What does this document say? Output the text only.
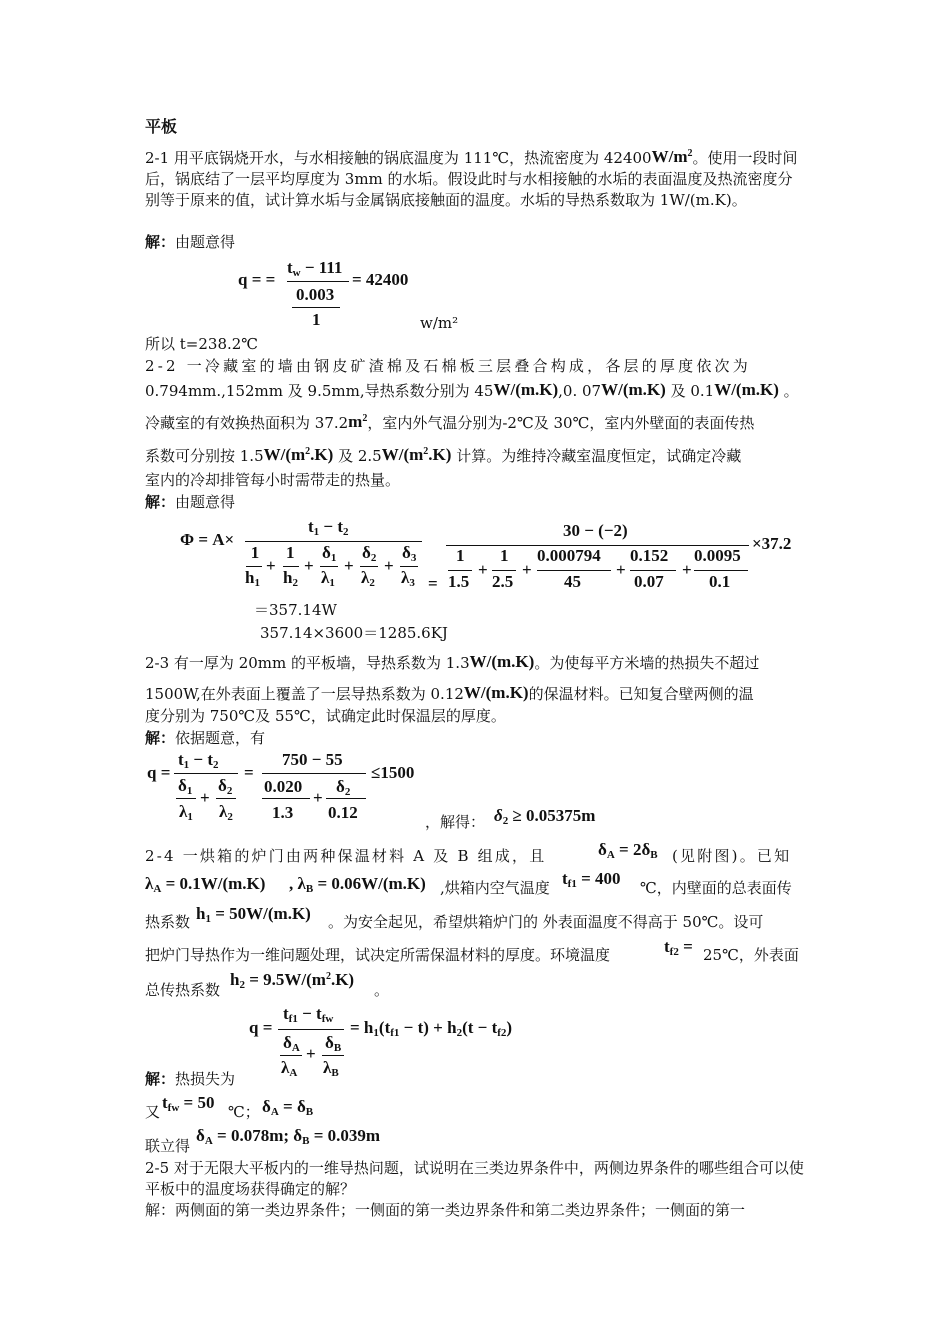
平板
2-1 用平底锅烧开水，与水相接触的锅底温度为 111℃，热流密度为 $42400W/m^2$。使用一段时间后，锅底结了一层平均厚度为 3mm 的水垢。假设此时与水相接触的水垢的表面温度及热流密度分别等于原来的值，试计算水垢与金属锅底接触面的温度。水垢的导热系数取为 1W/(m.K)。
解：由题意得
q = =
$t_w - 111$
0.003
1
= 42400
w/m²
所以 t=238.2℃
2-2 一冷藏室的墙由钢皮矿渣棉及石棉板三层叠合构成，各层的厚度依次为
0.794mm.,152mm 及 9.5mm,导热系数分别为 45W/(m.K),0. 07W/(m.K) 及 0.1W/(m.K) 。
冷藏室的有效换热面积为 $37.2m^2$，室内外气温分别为-2℃及 30℃，室内外壁面的表面传热
系数可分别按 $1.5W/(m^2.K)$ 及 $2.5W/(m^2.K)$ 计算。为维持冷藏室温度恒定，试确定冷藏
室内的冷却排管每小时需带走的热量。
解：由题意得
Φ = A×
$t_1 - t_2$
1
$h_1$
+
1
$h_2$
+
$\delta_1$
$\lambda_1$
+
$\delta_2$
$\lambda_2$
+
$\delta_3$
$\lambda_3$ =
30 − (−2)
1
1.5
+
1
2.5
+
0.000794
45
+
0.152
0.07
+
0.0095
0.1
×37.2
＝357.14W
357.14×3600＝1285.6KJ
2-3 有一厚为 20mm 的平板墙，导热系数为 1.3W/(m.K)。为使每平方米墙的热损失不超过
1500W,在外表面上覆盖了一层导热系数为 0.12W/(m.K)的保温材料。已知复合壁两侧的温
度分别为 750℃及 55℃，试确定此时保温层的厚度。
解：依据题意，有
q =
$t_1 - t_2$
$\delta_1$
$\lambda_1$
+
$\delta_2$
$\lambda_2$
=
750 − 55
0.020
1.3
+
$\delta_2$
0.12
≤1500
，解得： $\delta_2 \ge 0.05375m$
2-4 一烘箱的炉门由两种保温材料 A 及 B 组成，且	$\delta_A = 2\delta_B$ (见附图)。已知
$\lambda_A = 0.1W/(m.K)$ , $\lambda_B = 0.06W/(m.K)$ ,烘箱内空气温度 $t_{f1} = 400$ ℃，内壁面的总表面传
热系数 $h_1 = 50W/(m.K)$ 。为安全起见，希望烘箱炉门的 外表面温度不得高于 50℃。设可
把炉门导热作为一维问题处理，试决定所需保温材料的厚度。环境温度	$t_{f2}$ = 25℃，外表面
总传热系数
$h_2 = 9.5W/(m^2.K)$
。
q =
$t_{f1} - t_{fw}$
$\delta_A$
$\lambda_A$
+
$\delta_B$
$\lambda_B$
= $h_1(t_{f1} - t) + h_2(t - t_{f2})$
解：热损失为
又 $t_{fw} = 50$ ℃； $\delta_A = \delta_B$
联立得
$\delta_A = 0.078m$; $\delta_B = 0.039m$
2-5 对于无限大平板内的一维导热问题，试说明在三类边界条件中，两侧边界条件的哪些组合可以使平板中的温度场获得确定的解？
解：两侧面的第一类边界条件；一侧面的第一类边界条件和第二类边界条件；一侧面的第一
